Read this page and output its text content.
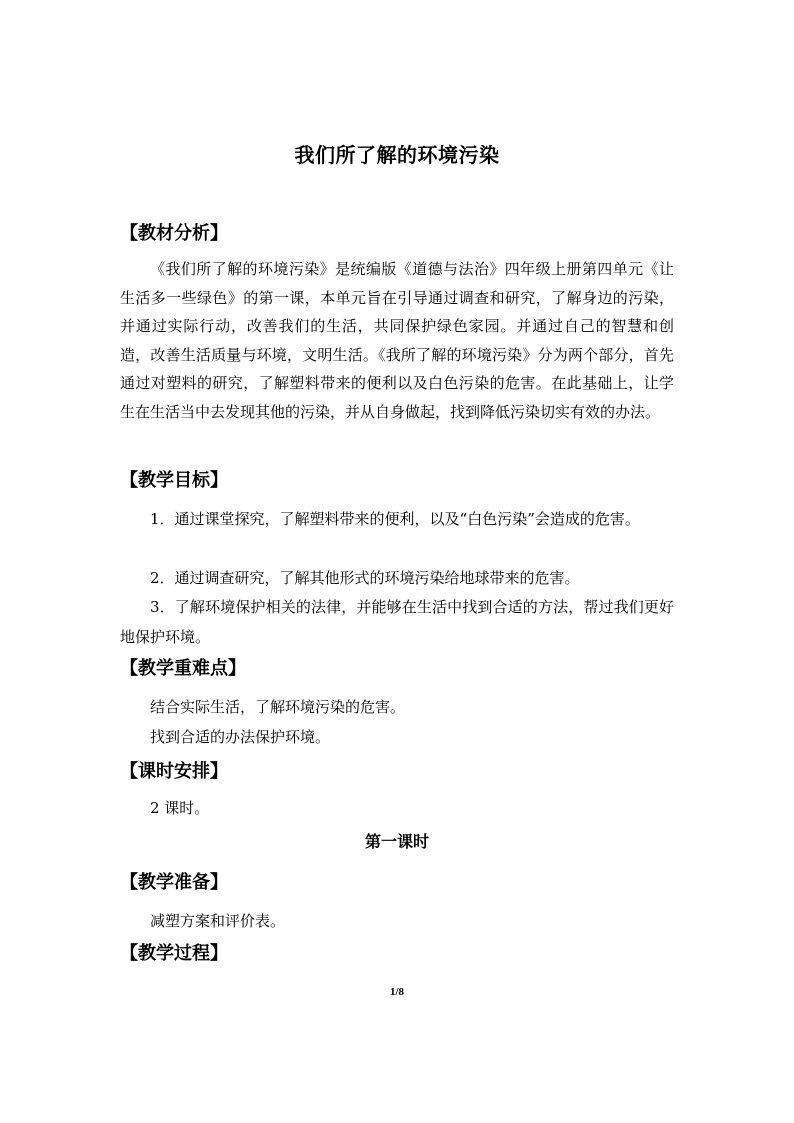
我们所了解的环境污染
【教材分析】

《我们所了解的环境污染》是统编版《道德与法治》四年级上册第四单元《让生活多一些绿色》的第一课，本单元旨在引导通过调查和研究，了解身边的污染，并通过实际行动，改善我们的生活，共同保护绿色家园。并通过自己的智慧和创造，改善生活质量与环境，文明生活。《我所了解的环境污染》分为两个部分，首先通过对塑料的研究，了解塑料带来的便利以及白色污染的危害。在此基础上，让学生在生活当中去发现其他的污染，并从自身做起，找到降低污染切实有效的办法。

【教学目标】

1．通过课堂探究，了解塑料带来的便利，以及“白色污染”会造成的危害。

2．通过调查研究，了解其他形式的环境污染给地球带来的危害。

3．了解环境保护相关的法律，并能够在生活中找到合适的方法，帮过我们更好地保护环境。

【教学重难点】
结合实际生活，了解环境污染的危害。
找到合适的办法保护环境。
【课时安排】
2 课时。
第一课时
【教学准备】
减塑方案和评价表。
【教学过程】
1/8
